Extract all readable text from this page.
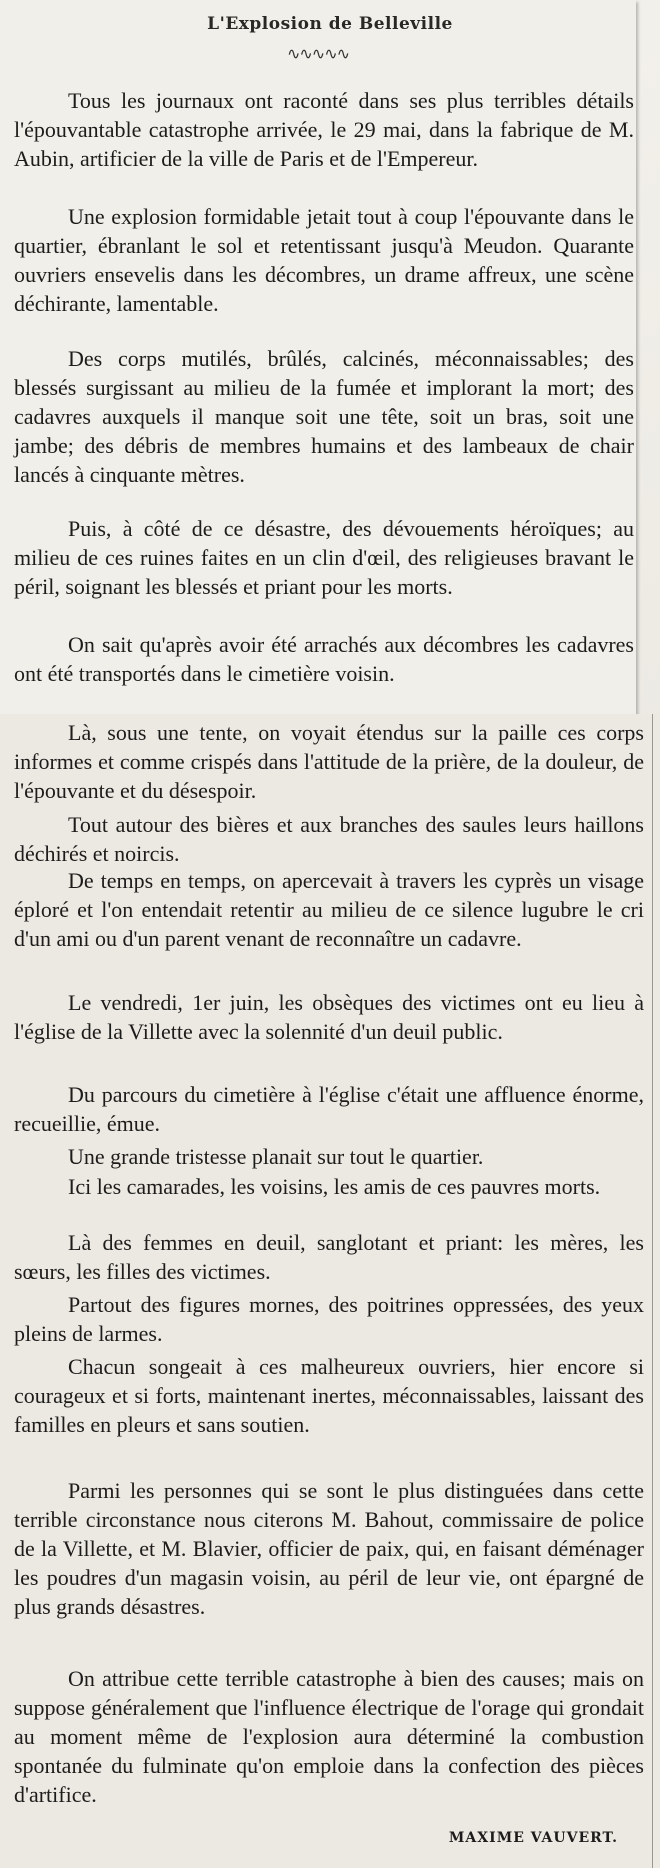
L'Explosion de Belleville
∿∿∿∿∿

Tous les journaux ont raconté dans ses plus terribles détails l'épouvantable catastrophe arrivée, le 29 mai, dans la fabrique de M. Aubin, artificier de la ville de Paris et de l'Empereur.

Une explosion formidable jetait tout à coup l'épouvante dans le quartier, ébranlant le sol et retentissant jusqu'à Meudon. Quarante ouvriers ensevelis dans les décombres, un drame affreux, une scène déchirante, lamentable.

Des corps mutilés, brûlés, calcinés, méconnaissables; des blessés surgissant au milieu de la fumée et implorant la mort; des cadavres auxquels il manque soit une tête, soit un bras, soit une jambe; des débris de membres humains et des lambeaux de chair lancés à cinquante mètres.

Puis, à côté de ce désastre, des dévouements héroïques; au milieu de ces ruines faites en un clin d'œil, des religieuses bravant le péril, soignant les blessés et priant pour les morts.

On sait qu'après avoir été arrachés aux décombres les cadavres ont été transportés dans le cimetière voisin.

Là, sous une tente, on voyait étendus sur la paille ces corps informes et comme crispés dans l'attitude de la prière, de la douleur, de l'épouvante et du désespoir.

Tout autour des bières et aux branches des saules leurs haillons déchirés et noircis.

De temps en temps, on apercevait à travers les cyprès un visage éploré et l'on entendait retentir au milieu de ce silence lugubre le cri d'un ami ou d'un parent venant de reconnaître un cadavre.

Le vendredi, 1er juin, les obsèques des victimes ont eu lieu à l'église de la Villette avec la solennité d'un deuil public.

Du parcours du cimetière à l'église c'était une affluence énorme, recueillie, émue.

Une grande tristesse planait sur tout le quartier.

Ici les camarades, les voisins, les amis de ces pauvres morts.

Là des femmes en deuil, sanglotant et priant: les mères, les sœurs, les filles des victimes.

Partout des figures mornes, des poitrines oppressées, des yeux pleins de larmes.

Chacun songeait à ces malheureux ouvriers, hier encore si courageux et si forts, maintenant inertes, méconnaissables, laissant des familles en pleurs et sans soutien.

Parmi les personnes qui se sont le plus distinguées dans cette terrible circonstance nous citerons M. Bahout, commissaire de police de la Villette, et M. Blavier, officier de paix, qui, en faisant déménager les poudres d'un magasin voisin, au péril de leur vie, ont épargné de plus grands désastres.

On attribue cette terrible catastrophe à bien des causes; mais on suppose généralement que l'influence électrique de l'orage qui grondait au moment même de l'explosion aura déterminé la combustion spontanée du fulminate qu'on emploie dans la confection des pièces d'artifice.

MAXIME VAUVERT.
